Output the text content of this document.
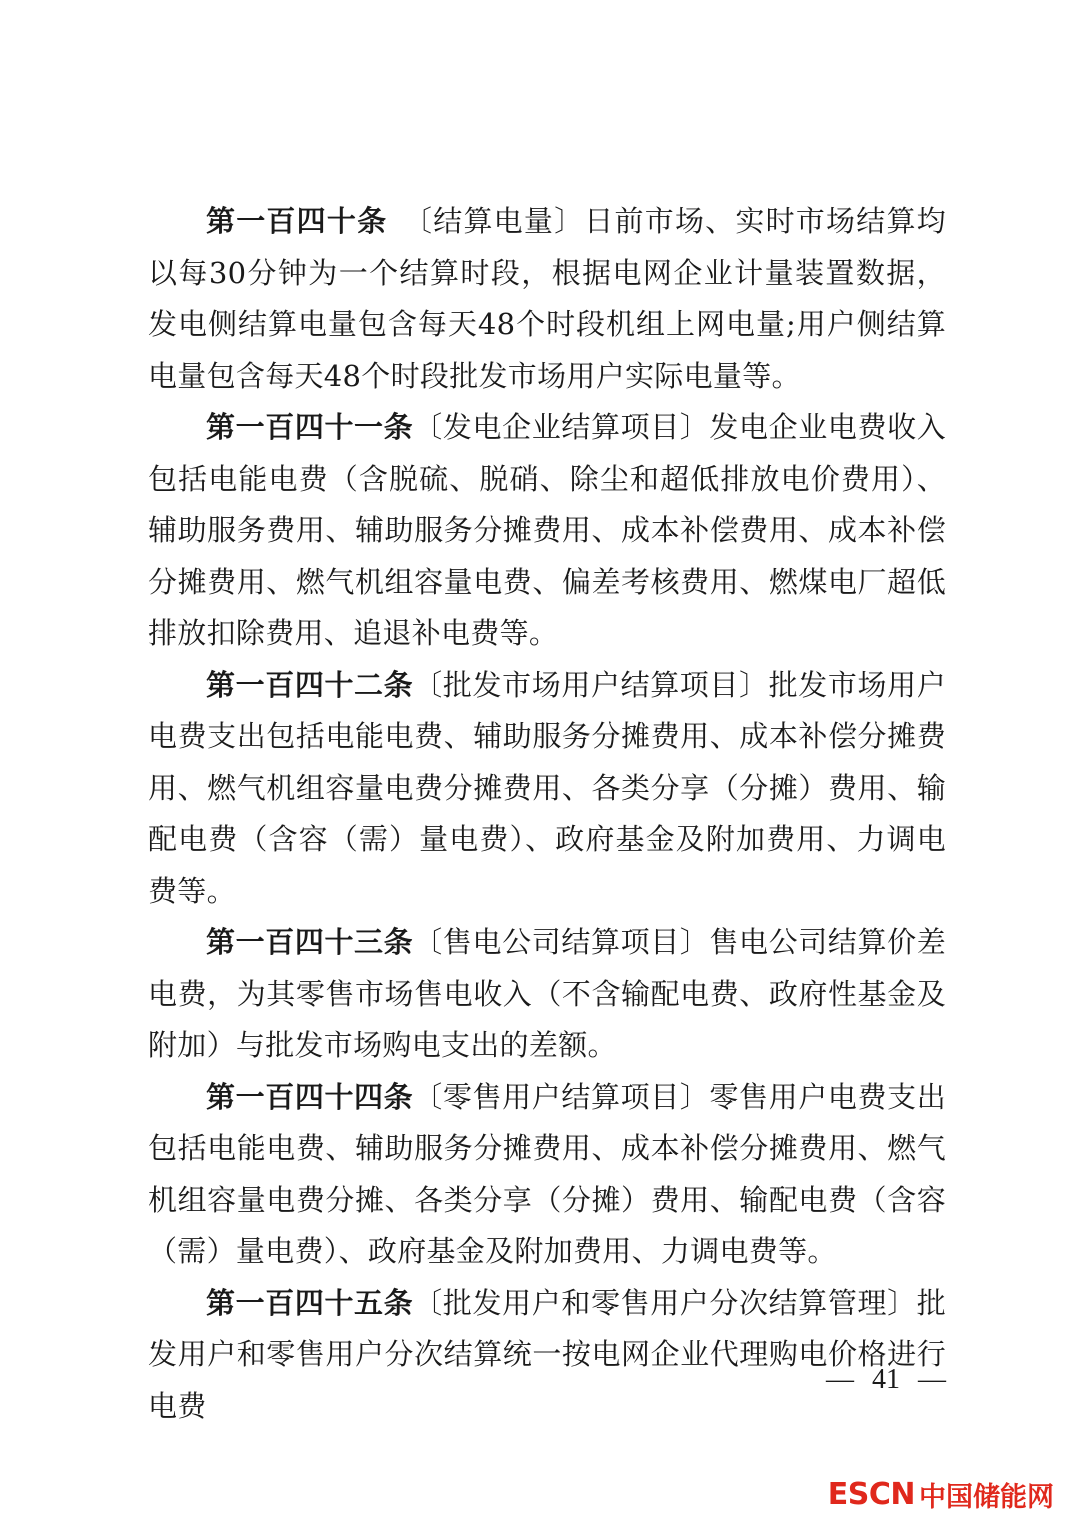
第一百四十条　 〔结算电量〕日前市场、实时市场结算均以每30分钟为一个结算时段，根据电网企业计量装置数据，发电侧结算电量包含每天48个时段机组上网电量;用户侧结算电量包含每天48个时段批发市场用户实际电量等。

第一百四十一条〔发电企业结算项目〕发电企业电费收入包括电能电费（含脱硫、脱硝、除尘和超低排放电价费用）、辅助服务费用、辅助服务分摊费用、成本补偿费用、成本补偿分摊费用、燃气机组容量电费、偏差考核费用、燃煤电厂超低排放扣除费用、追退补电费等。

第一百四十二条〔批发市场用户结算项目〕批发市场用户电费支出包括电能电费、辅助服务分摊费用、成本补偿分摊费用、燃气机组容量电费分摊费用、各类分享（分摊）费用、输配电费（含容（需）量电费）、政府基金及附加费用、力调电费等。

第一百四十三条〔售电公司结算项目〕售电公司结算价差电费，为其零售市场售电收入（不含输配电费、政府性基金及附加）与批发市场购电支出的差额。

第一百四十四条〔零售用户结算项目〕零售用户电费支出包括电能电费、辅助服务分摊费用、成本补偿分摊费用、燃气机组容量电费分摊、各类分享（分摊）费用、输配电费（含容（需）量电费）、政府基金及附加费用、力调电费等。

第一百四十五条〔批发用户和零售用户分次结算管理〕批发用户和零售用户分次结算统一按电网企业代理购电价格进行电费

— 41 —
ESCN 中国储能网
